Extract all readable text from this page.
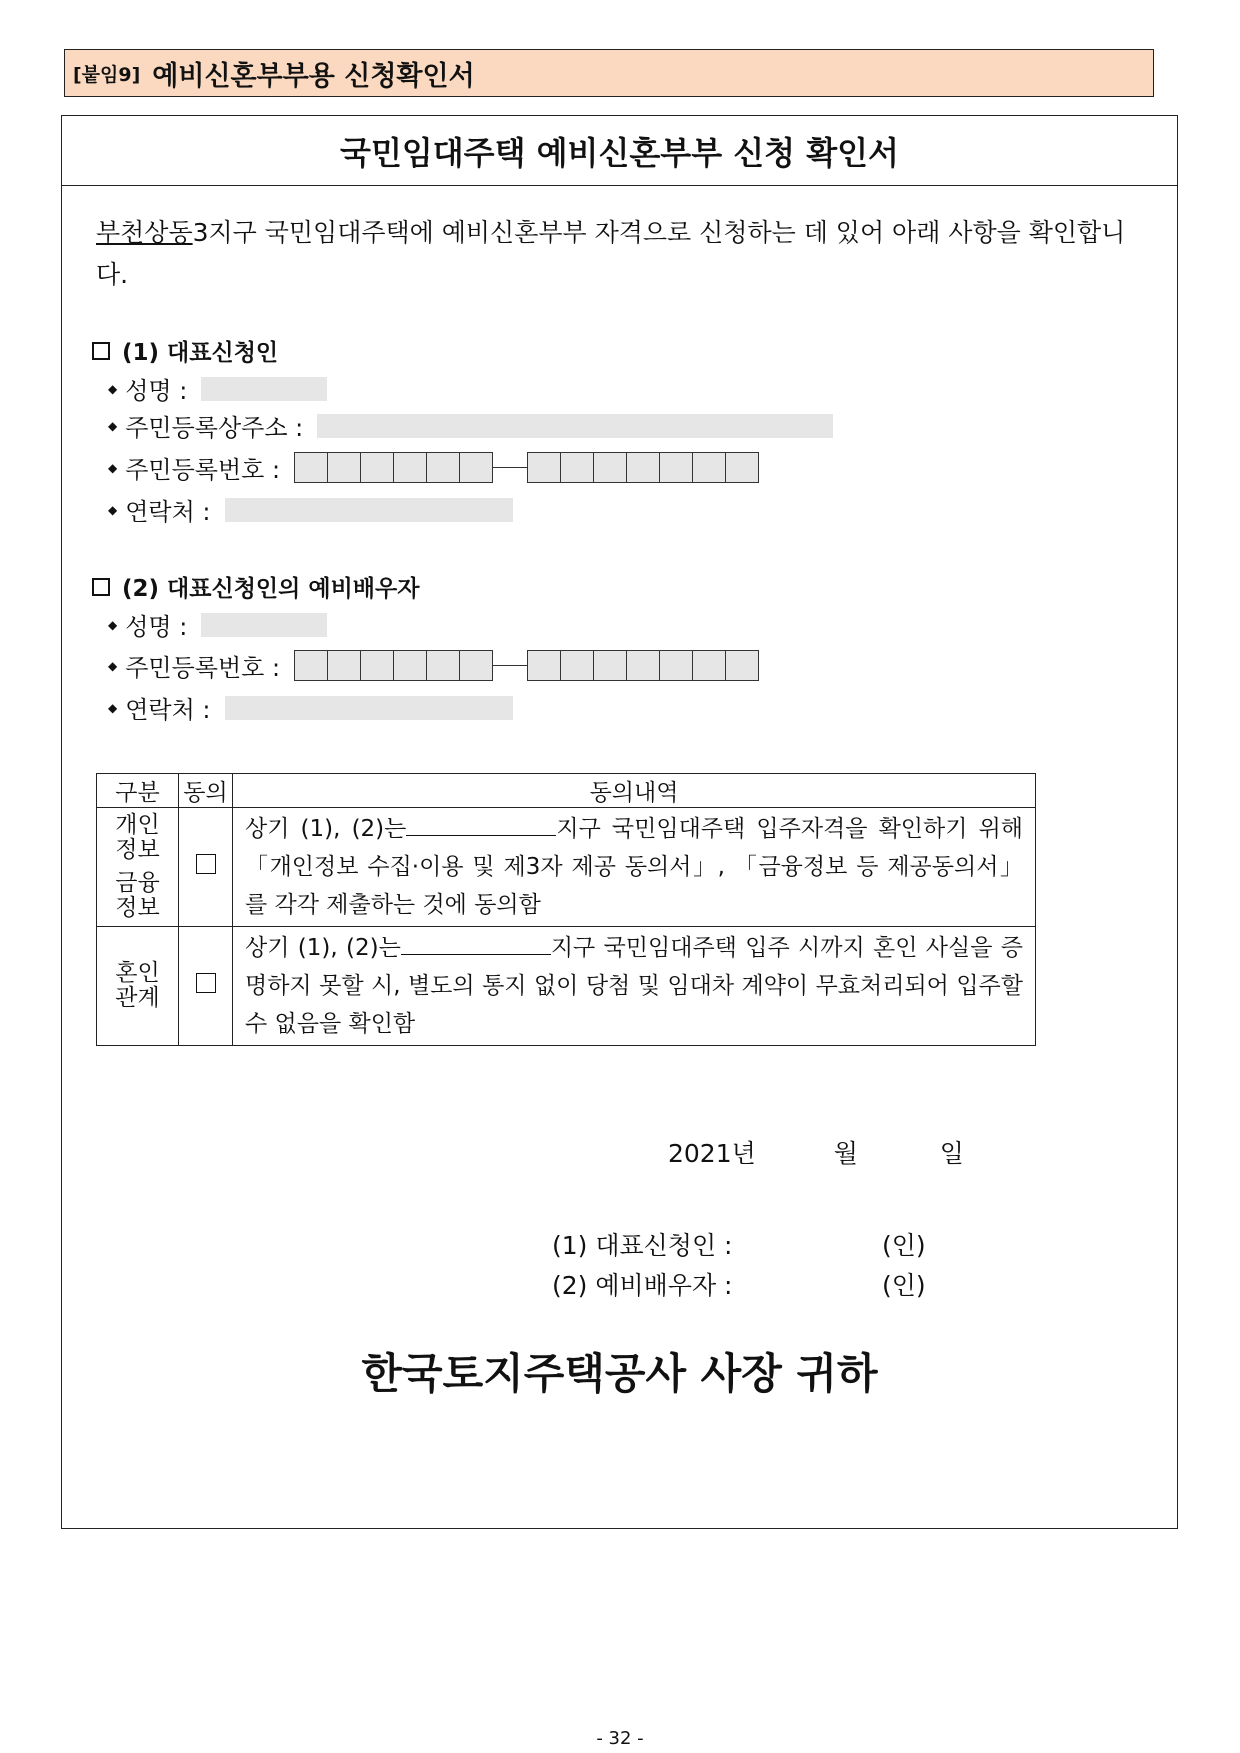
[붙임9] 예비신혼부부용 신청확인서
국민임대주택 예비신혼부부 신청 확인서
부천상동3지구 국민임대주택에 예비신혼부부 자격으로 신청하는 데 있어 아래 사항을 확인합니다.
(1) 대표신청인
◆ 성명 :
◆ 주민등록상주소 :
◆ 주민등록번호 :
◆ 연락처 :
(2) 대표신청인의 예비배우자
◆ 성명 :
◆ 주민등록번호 :
◆ 연락처 :
구분	동의	동의내역

개인
정보
금융
정보		상기 (1), (2)는 지구 국민임대주택 입주자격을 확인하기 위해 「개인정보 수집·이용 및 제3자 제공 동의서」, 「금융정보 등 제공동의서」를 각각 제출하는 것에 동의함

혼인
관계		상기 (1), (2)는 지구 국민임대주택 입주 시까지 혼인 사실을 증명하지 못할 시, 별도의 통지 없이 당첨 및 임대차 계약이 무효처리되어 입주할 수 없음을 확인함
2021년	월	일
(1) 대표신청인 :	(인)
(2) 예비배우자 :	(인)
한국토지주택공사 사장 귀하
- 32 -
